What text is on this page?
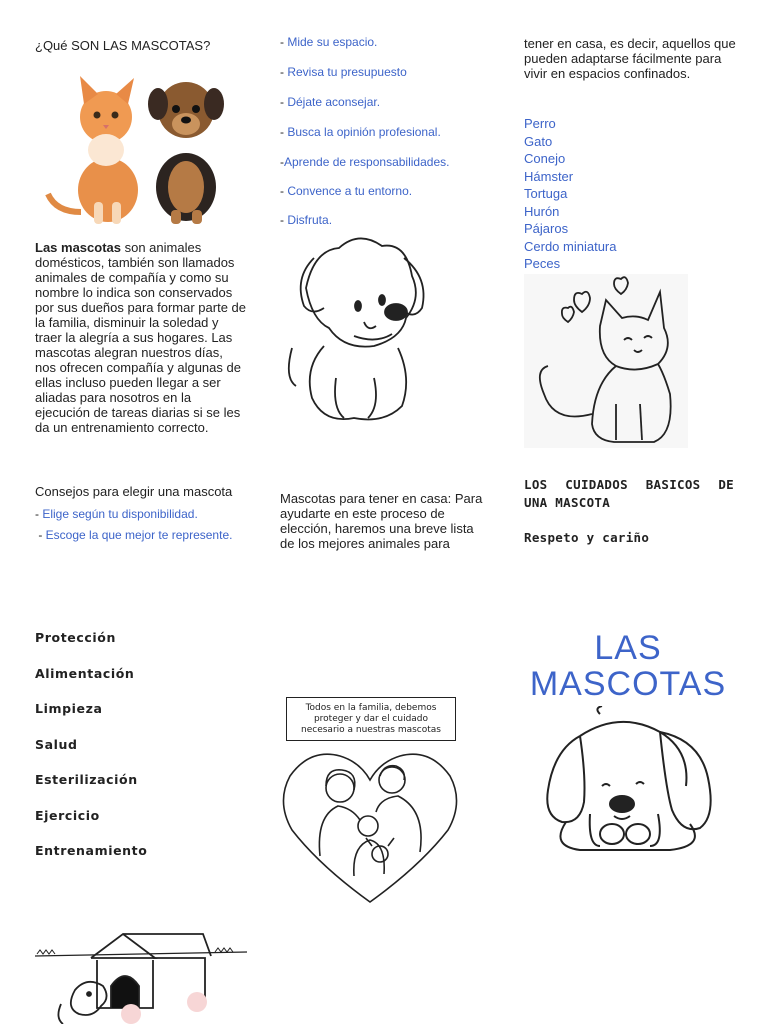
¿Qué SON LAS MASCOTAS?
Las mascotas son animales domésticos, también son llamados animales de compañía y como su nombre lo indica son conservados por sus dueños para formar parte de la familia, disminuir la soledad y traer la alegría a sus hogares. Las mascotas alegran nuestros días, nos ofrecen compañía y algunas de ellas incluso pueden llegar a ser aliadas para nosotros en la ejecución de tareas diarias si se les da un entrenamiento correcto.
Consejos para elegir una mascota

- Elige según tu disponibilidad.

- Escoge la que mejor te represente.

- Mide su espacio.

- Revisa tu presupuesto

- Déjate aconsejar.

- Busca la opinión profesional.

-Aprende de responsabilidades.

- Convence a tu entorno.

- Disfruta.

Mascotas para tener en casa: Para ayudarte en este proceso de elección, haremos una breve lista de los mejores animales para
tener en casa, es decir, aquellos que pueden adaptarse fácilmente para vivir en espacios confinados.
Perro
Gato
Conejo
Hámster
Tortuga
Hurón
Pájaros
Cerdo miniatura
Peces
LOS CUIDADOS BASICOS DE UNA MASCOTA
Respeto y cariño
Protección
Alimentación
Limpieza
Salud
Esterilización
Ejercicio
Entrenamiento
Todos en la familia, debemos proteger y dar el cuidado necesario a nuestras mascotas
LAS
MASCOTAS
